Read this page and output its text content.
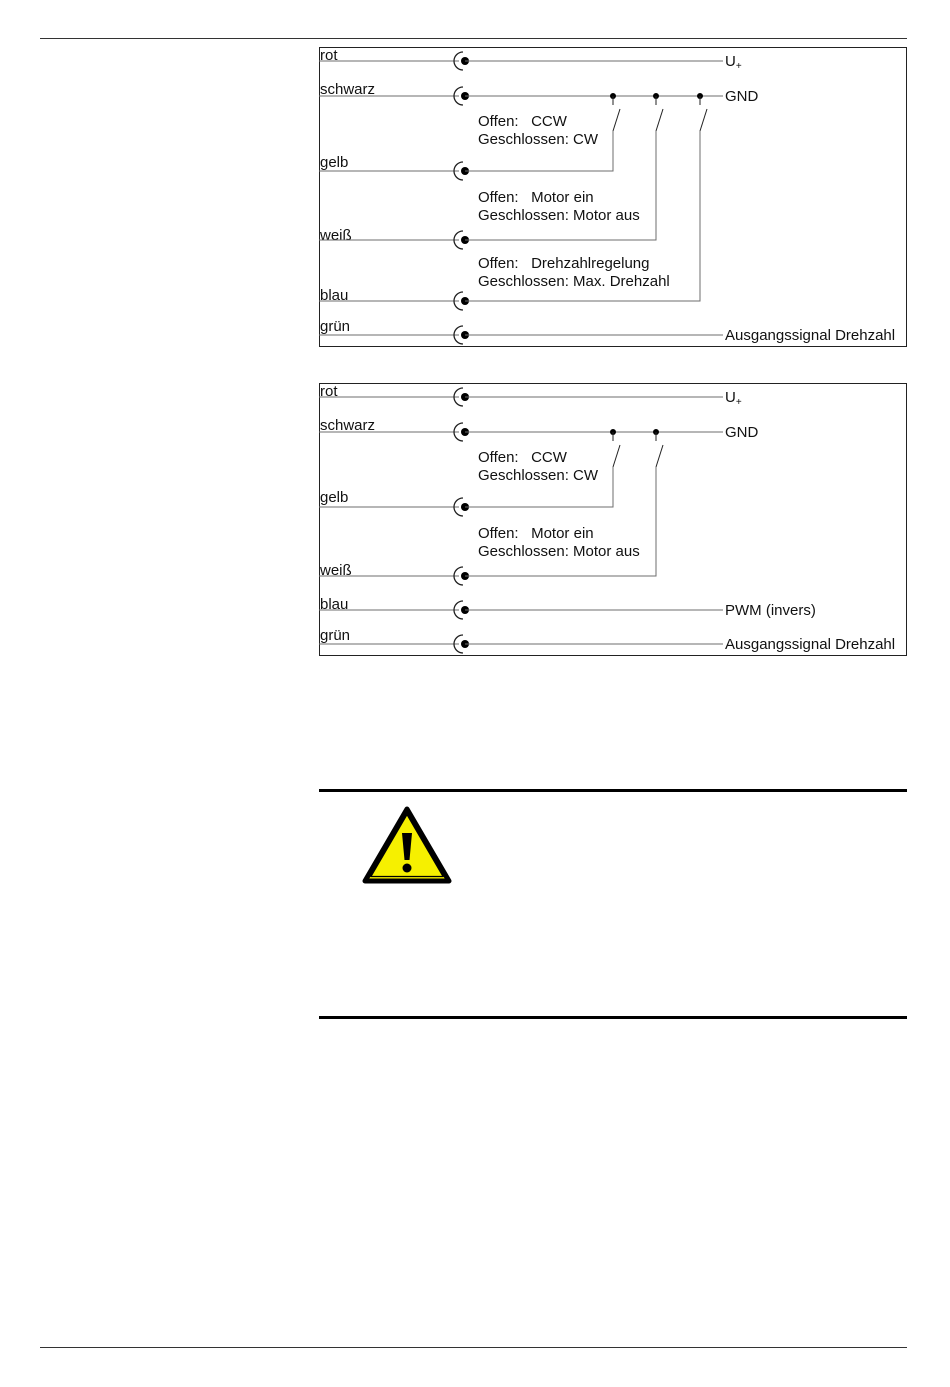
rot
schwarz
gelb
weiß
blau
grün
$U_+$
GND
Ausgangssignal Drehzahl
Offen:   CCW
Geschlossen: CW
Offen:   Motor ein
Geschlossen: Motor aus
Offen:   Drehzahlregelung
Geschlossen: Max. Drehzahl
rot
schwarz
gelb
weiß
blau
grün
$U_+$
GND
PWM (invers)
Ausgangssignal Drehzahl
Offen:   CCW
Geschlossen: CW
Offen:   Motor ein
Geschlossen: Motor aus
